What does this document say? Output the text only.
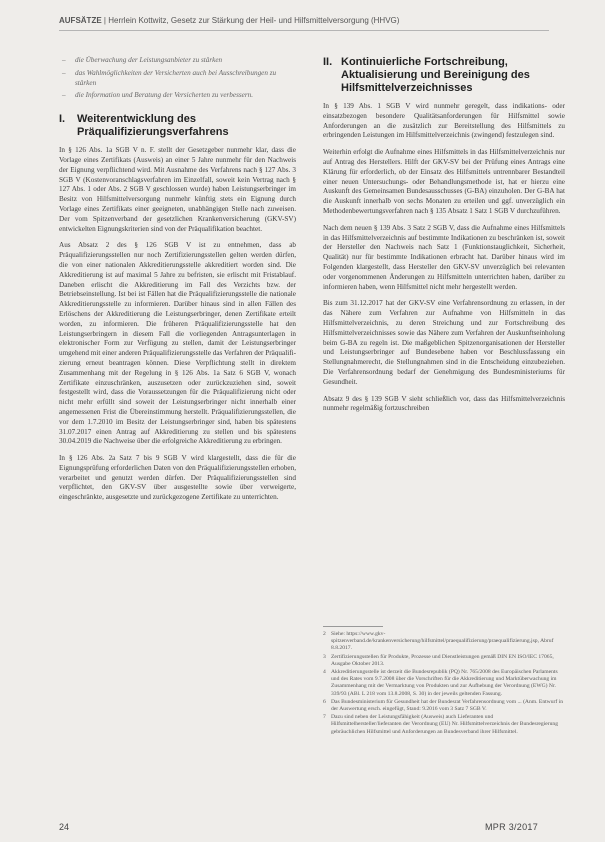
AUFSÄTZE | Herrlein Kottwitz, Gesetz zur Stärkung der Heil- und Hilfsmittelversorgung (HHVG)
– die Überwachung der Leistungsanbieter zu stärken
– das Wahlmöglichkeiten der Versicherten auch bei Ausschreibungen zu stärken
– die Information und Beratung der Versicherten zu verbessern.
I.	Weiterentwicklung des Präqualifizierungsverfahrens

In § 126 Abs. 1a SGB V n. F. stellt der Gesetzgeber nunmehr klar, dass die Vorlage eines Zertifikats (Ausweis) an einer 5 Jahre nunmehr für den Nachweis der Eignung verpflichtend wird. Mit Ausnahme des Verfahrens nach § 127 Abs. 3 SGB V (Kostenvoranschlagsverfahren im Einzelfall, soweit kein Vertrag nach § 127 Abs. 1 oder Abs. 2 SGB V geschlossen wurde) haben Leistungserbringer im Besitz von Hilfsmittelversorgung nunmehr künftig stets ein Eignung durch Vorlage eines Zertifikats einer geeigneten, unabhängigen Stelle nach zuweisen. Der vom Spitzenverband der gesetzlichen Krankenversicherung (GKV-SV) entwickelten Eignungskriterien sind von der Präqualifikation beachtet.

Aus Absatz 2 des § 126 SGB V ist zu entnehmen, dass ab Präqualifizierungsstellen nur noch Zertifizierungsstellen gelten werden dürfen, die von einer nationalen Akkreditierungsstelle akkreditiert worden sind. Die Akkreditierung ist auf maximal 5 Jahre zu befristen, sie erlischt mit Fristablauf. Daneben erlischt die Akkreditierung im Fall des Verzichts bzw. der Betriebseinstellung. Ist bei ist Fällen hat die Präqualifizierungsstelle die nationale Akkreditierungsstelle zu informieren. Darüber hinaus sind in allen Fällen des Erlöschens der Akkreditierung die Leistungserbringer, denen Zertifikate erteilt worden, zu informieren. Die früheren Präqualifizierungsstelle hat den Leistungserbringern in diesem Fall die vorliegenden Antragsunterlagen in elektronischer Form zur Verfügung zu stellen, damit der Leistungserbringer umgehend mit einer anderen Präqualifizierungsstelle das Verfahren der Präqualifizierung erneut beantragen können. Diese Verpflichtung stellt in direktem Zusammenhang mit der Regelung in § 126 Abs. 1a Satz 6 SGB V, wonach Zertifikate einzuschränken, auszusetzen oder zurückzuziehen sind, soweit festgestellt wird, dass die Voraussetzungen für die Präqualifizierung nicht oder nicht mehr erfüllt sind soweit der Leistungserbringer nicht innerhalb einer angemessenen Frist die Übereinstimmung herstellt. Präqualifizierungsstellen, die vor dem 1.7.2010 im Besitz der Leistungserbringer sind, haben bis spätestens 31.07.2017 einen Antrag auf Akkreditierung zu stellen und bis spätestens 30.04.2019 die Nachweise über die erfolgreiche Akkreditierung zu erbringen.

In § 126 Abs. 2a Satz 7 bis 9 SGB V wird klargestellt, dass die für die Eignungsprüfung erforderlichen Daten von den Präqualifizierungsstellen erhoben, verarbeitet und genutzt werden dürfen. Der Präqualifizierungsstellen sind verpflichtet, den GKV-SV über ausgestellte sowie über verweigerte, eingeschränkte, ausgesetzte und zurückgezogene Zertifikate zu unterrichten.

II. Kontinuierliche Fortschreibung, Aktualisierung und Bereinigung des Hilfsmittelverzeichnisses

In § 139 Abs. 1 SGB V wird nunmehr geregelt, dass indikations- oder einsatzbezogen besondere Qualitätsanforderungen für Hilfsmittel sowie Anforderungen an die zusätzlich zur Bereitstellung des Hilfsmittels zu erbringenden Leistungen im Hilfsmittelverzeichnis (zwingend) festzulegen sind.

Weiterhin erfolgt die Aufnahme eines Hilfsmittels in das Hilfsmittelverzeichnis nur auf Antrag des Herstellers. Hilft der GKV-SV bei der Prüfung eines Antrags eine Klärung für erforderlich, ob der Einsatz des Hilfsmittels untrennbarer Bestandteil einer neuen Untersuchungs- oder Behandlungsmethode ist, hat er hierzu eine Auskunft des Gemeinsamen Bundesausschusses (G-BA) einzuholen. Der G-BA hat die Auskunft innerhalb von sechs Monaten zu erteilen und ggf. unverzüglich ein Methodenbewertungsverfahren nach § 135 Absatz 1 Satz 1 SGB V durchzuführen.

Nach dem neuen § 139 Abs. 3 Satz 2 SGB V, dass die Aufnahme eines Hilfsmittels in das Hilfsmittelverzeichnis auf bestimmte Indikationen zu beschränken ist, soweit der Hersteller den Nachweis nach Satz 1 (Funktionstauglichkeit, Sicherheit, Qualität) nur für bestimmte Indikationen erbracht hat. Darüber hinaus wird im Folgenden klargestellt, dass Hersteller den GKV-SV unverzüglich bei relevanten oder vorgenommenen Änderungen zu Hilfsmitteln unterrichten haben, darüber zu informieren haben, wenn Hilfsmittel nicht mehr hergestellt werden.

Bis zum 31.12.2017 hat der GKV-SV eine Verfahrensordnung zu erlassen, in der das Nähere zum Verfahren zur Aufnahme von Hilfsmitteln in das Hilfsmittelverzeichnis, zu deren Streichung und zur Fortschreibung des Hilfsmittelverzeichnisses sowie das Nähere zum Verfahren der Auskunftseinholung beim G-BA zu regeln ist. Die maßgeblichen Spitzenorganisationen der Hersteller und Leistungserbringer auf Bundesebene haben vor Beschlussfassung ein Stellungnahmerecht, die Stellungnahmen sind in die Entscheidung einzubeziehen. Die Verfahrensordnung bedarf der Genehmigung des Bundesministeriums für Gesundheit.

Absatz 9 des § 139 SGB V sieht schließlich vor, dass das Hilfsmittelverzeichnis nunmehr regelmäßig fortzuschreiben

2 Siehe: https://www.gkv-spitzenverband.de/krankenversicherung/hilfsmittel/praequalifizierung/praequalifizierung.jsp, Abruf 8.8.2017.
3 Zertifizierungsstellen für Produkte, Prozesse und Dienstleistungen gemäß DIN EN ISO/IEC 17065, Ausgabe Oktober 2013.
4 Akkreditierungsstelle ist derzeit die Bundesrepublik (PQ) Nr. 765/2008 des Europäischen Parlaments und des Rates vom 9.7.2008 über die Vorschriften für die Akkreditierung und Marktüberwachung im Zusammenhang mit der Vermarktung von Produkten und zur Aufhebung der Verordnung (EWG) Nr. 339/93 (ABl. L 218 vom 13.8.2008, S. 30) in der jeweils geltenden Fassung.
6 Das Bundesministerium für Gesundheit hat der Bundesrat Verfahrensordnung vom ... (Anm. Entwurf in der Auswertung ersch. eingefügt, Stand: 9.2016 vom 3 Satz 7 SGB V.
7 Dazu sind neben der Leistungsfähigkeit (Ausweis) auch Lieferanten und Hilfsmittelhersteller/lieferanten der Verordnung (EU) Nr. Hilfsmittelverzeichnis der Bundesregierung gebräuchlichen Hilfsmittel und Anforderungen an Bundesverband ihrer Hilfsmittel.
24	MPR 3/2017
